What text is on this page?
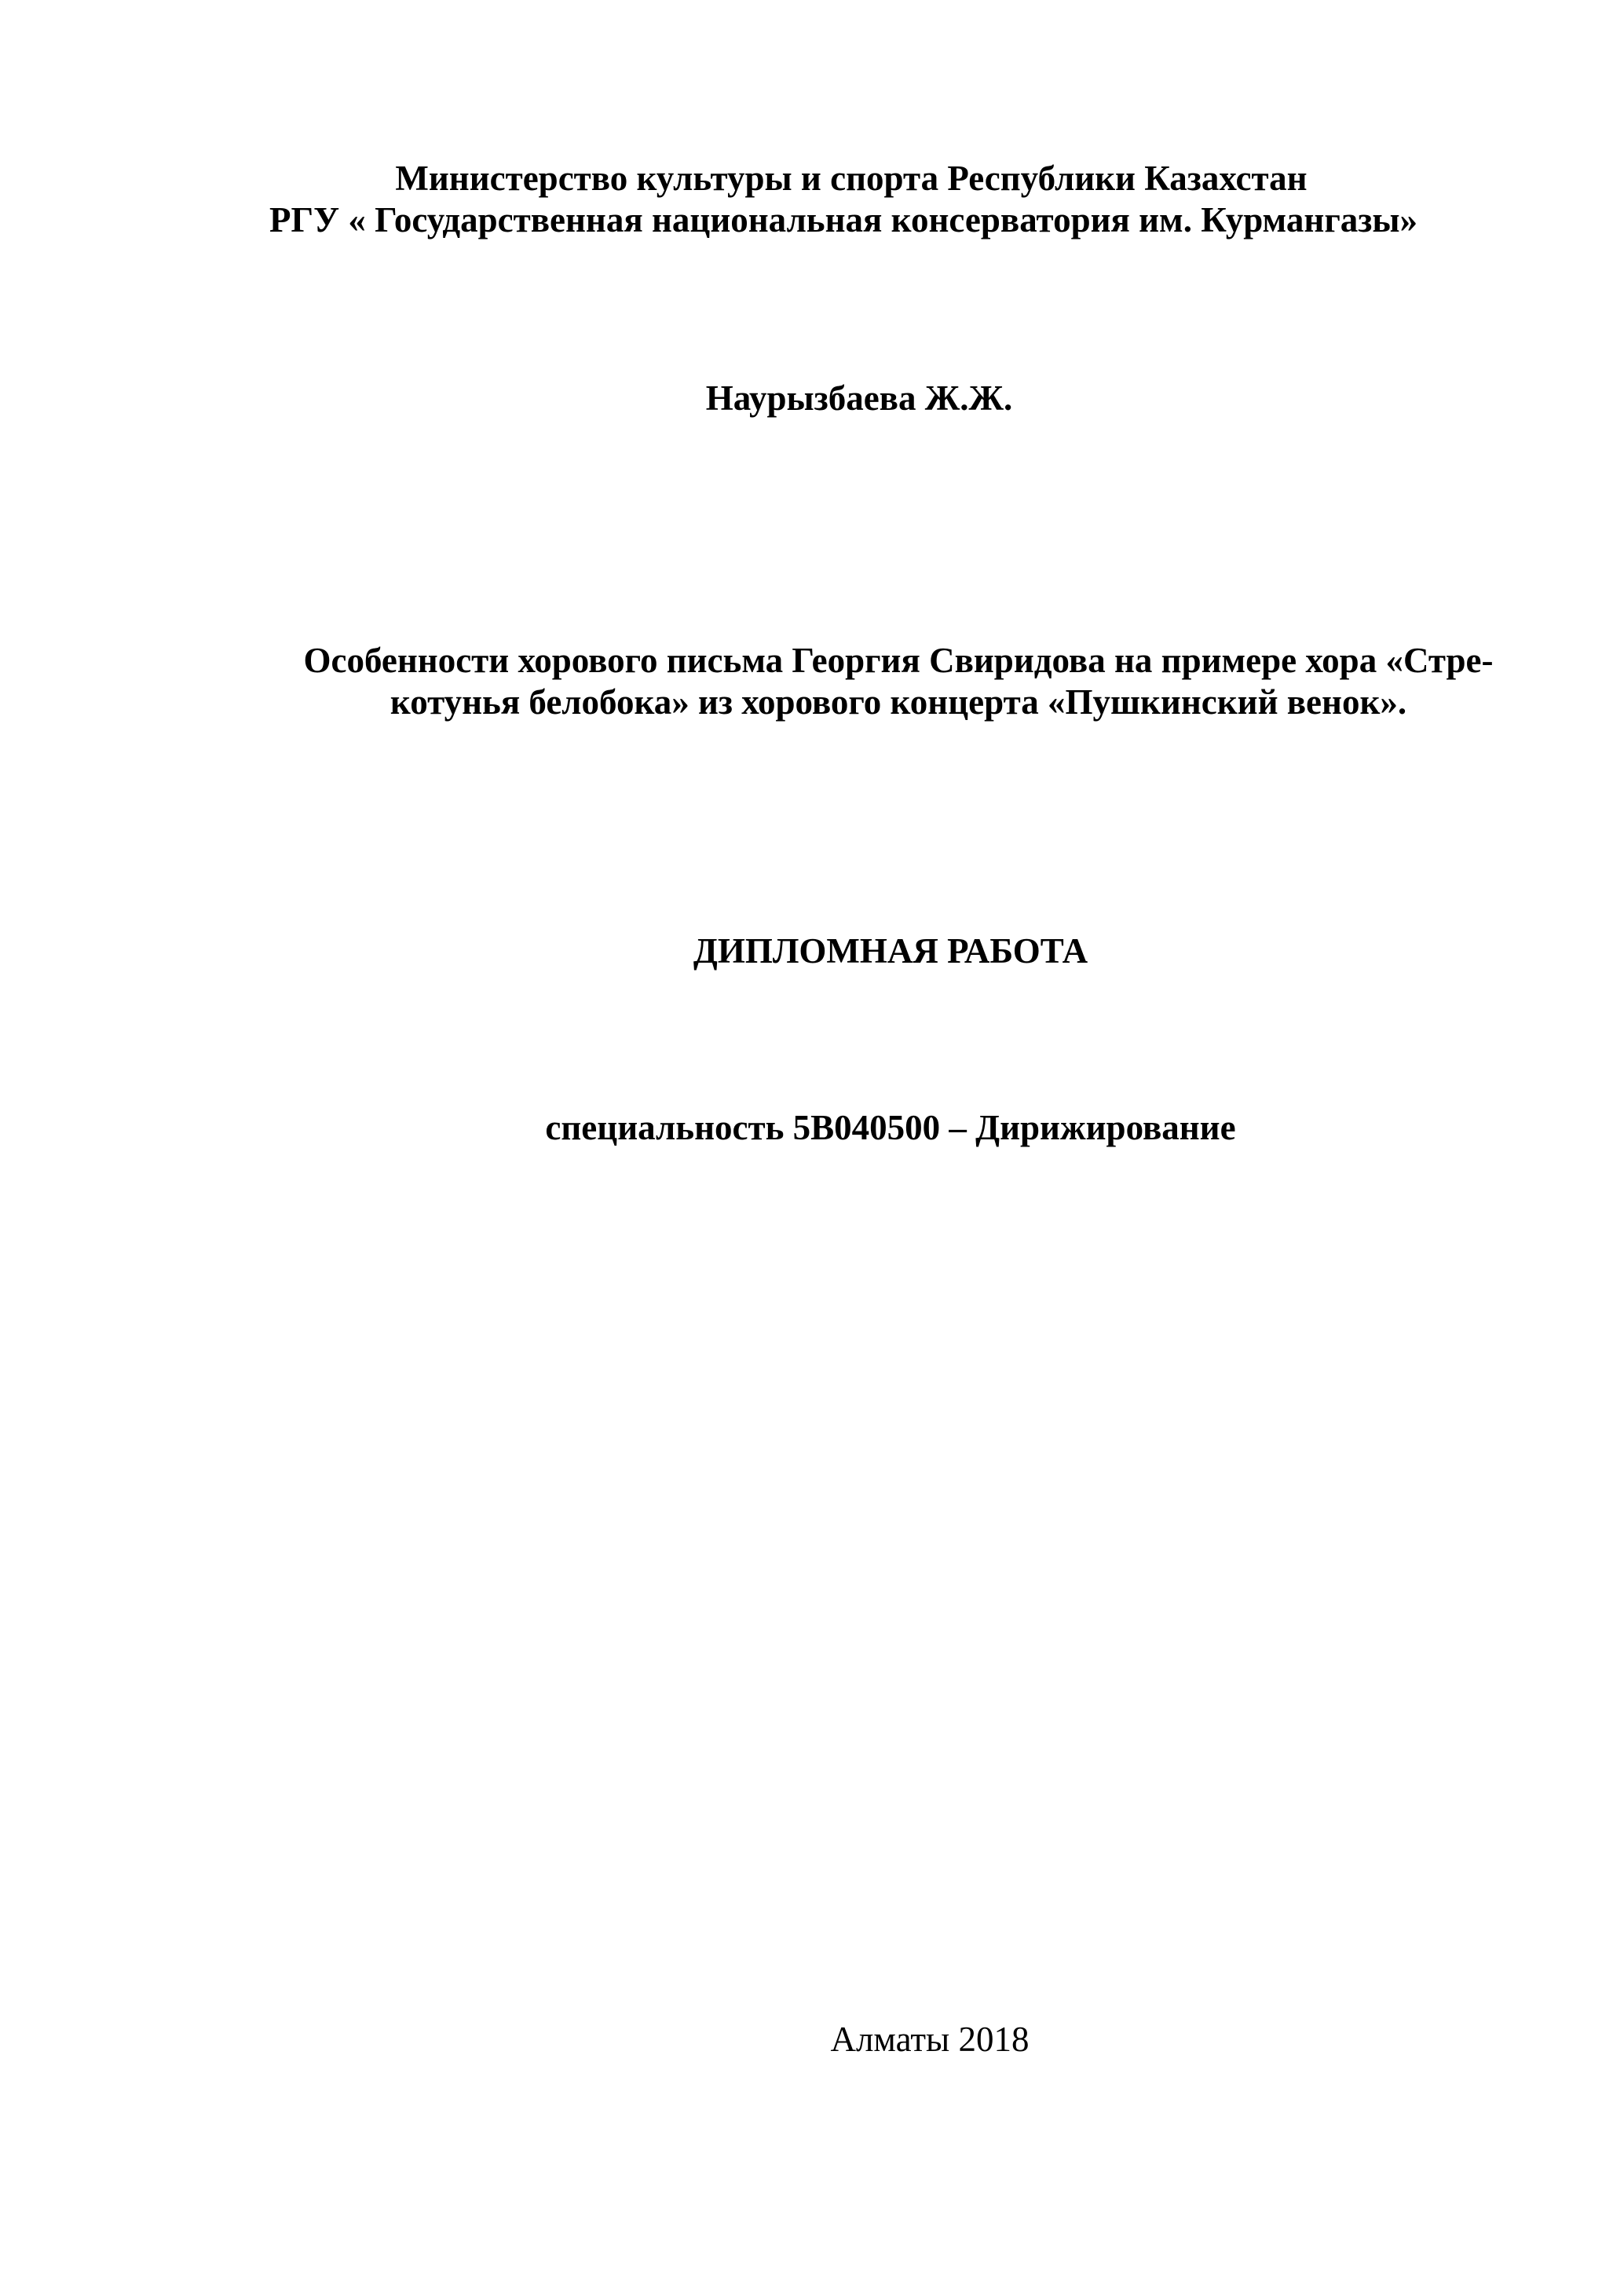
Министерство культуры и спорта Республики Казахстан
РГУ « Государственная национальная консерватория им. Курмангазы»
Наурызбаева Ж.Ж.
Особенности хорового письма Георгия Свиридова на примере хора «Стре-
котунья белобока» из хорового концерта «Пушкинский венок».
ДИПЛОМНАЯ РАБОТА
специальность 5В040500 – Дирижирование
Алматы 2018
